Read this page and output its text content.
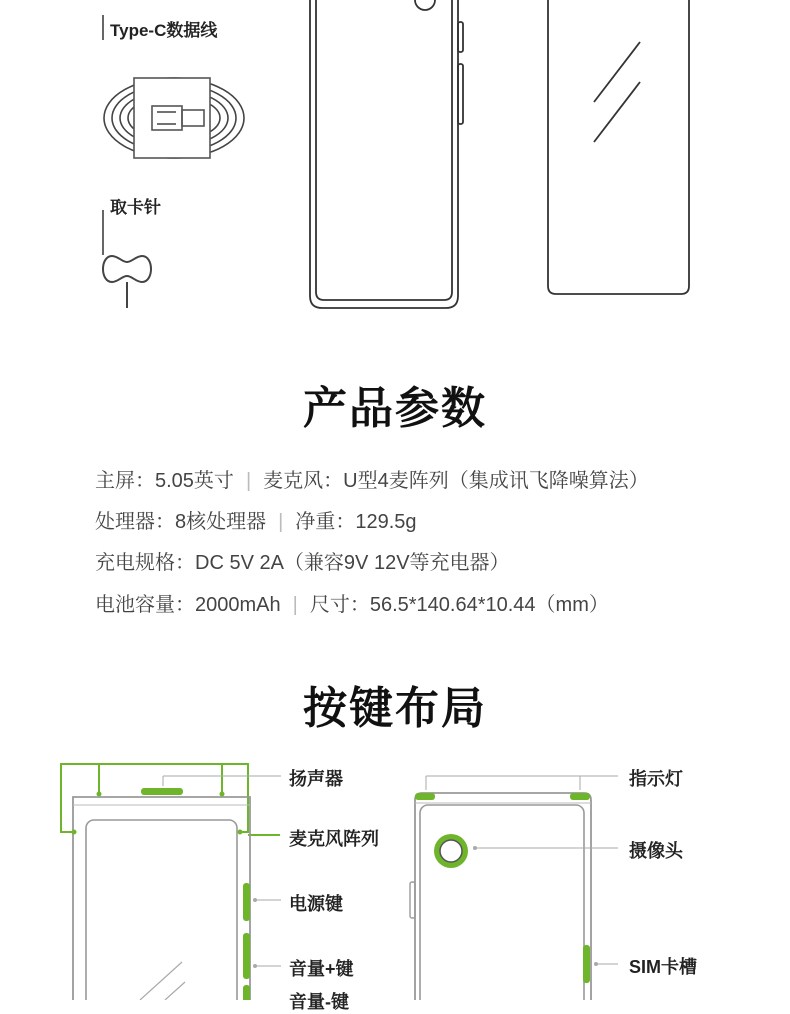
Type-C数据线
取卡针
产品参数
主屏：5.05英寸 | 麦克风：U型4麦阵列（集成讯飞降噪算法）
处理器：8核处理器 | 净重：129.5g
充电规格：DC 5V 2A（兼容9V 12V等充电器）
电池容量：2000mAh | 尺寸：56.5*140.64*10.44（mm）
按键布局
扬声器
麦克风阵列
电源键
音量+键
音量-键
指示灯
摄像头
SIM卡槽
